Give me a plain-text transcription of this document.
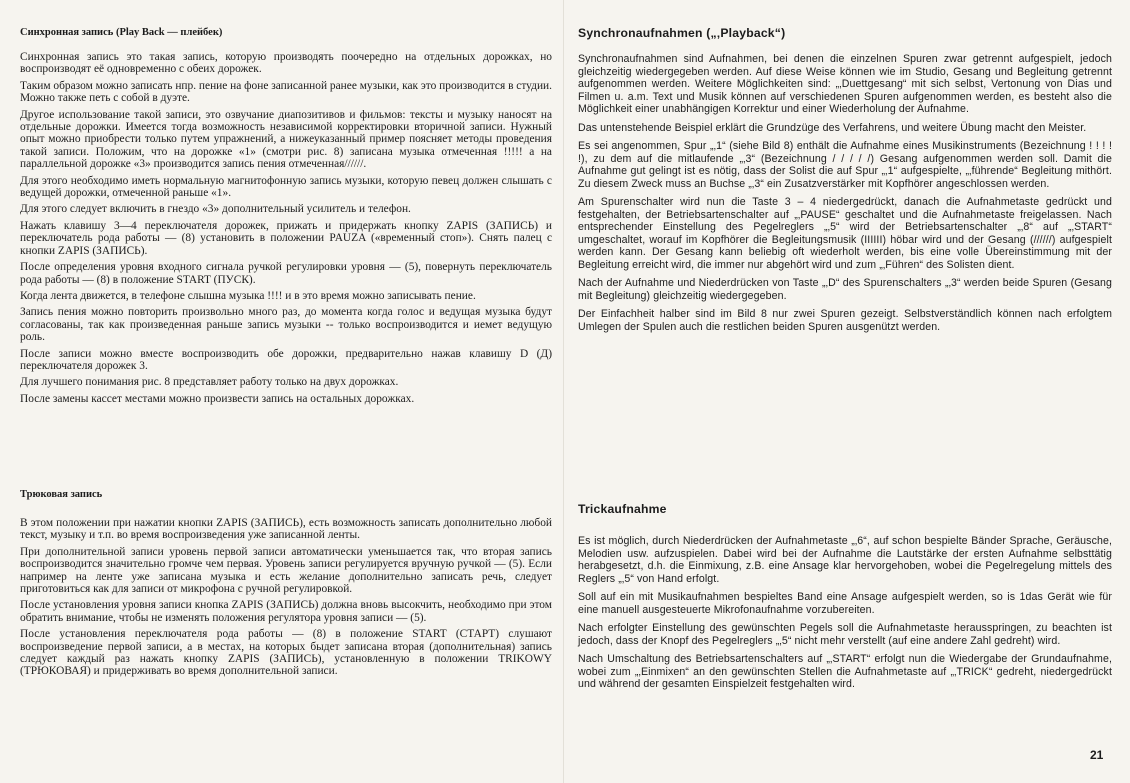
Синхронная запись (Play Back — плейбек)

Синхронная запись это такая запись, которую производять поочередно на отдельных дорожках, но воспроизводят её одновременно с обеих дорожек.

Таким образом можно записать нпр. пение на фоне записанной ранее музыки, как это производится в студии. Можно также петь с собой в дуэте.

Другое использование такой записи, это озвучание диапозитивов и фильмов: тексты и музыку наносят на отдельные дорожки. Имеется тогда возможность независимой корректировки вторичной записи. Нужный опыт можно приобрести только путем упражнений, а нижеуказанный пример поясняет методы проведения такой записи. Положим, что на дорожке «1» (смотри рис. 8) записана музыка отмеченная !!!!! а на параллельной дорожке «3» производится запись пения отмеченная//////.

Для этого необходимо иметь нормальную магнитофонную запись музыки, которую певец должен слышать с ведущей дорожки, отмеченной раньше «1».

Для этого следует включить в гнездо «3» дополнительный усилитель и телефон.

Нажать клавишу 3—4 переключателя дорожек, прижать и придержать кнопку ZAPIS (ЗАПИСЬ) и переключатель рода работы — (8) установить в положении PAUZA («временный стоп»). Снять палец с кнопки ZAPIS (ЗАПИСЬ).

После определения уровня входного сигнала ручкой регулировки уровня — (5), повернуть переключатель рода работы — (8) в положение START (ПУСК).

Когда лента движется, в телефоне слышна музыка !!!! и в это время можно записывать пение.

Запись пения можно повторить произвольно много раз, до момента когда голос и ведущая музыка будут согласованы, так как произведенная раньше запись музыки -- только воспроизводится и иемет ведущую роль.

После записи можно вместе воспроизводить обе дорожки, предварительно нажав клавишу D (Д) переключателя дорожек 3.

Для лучшего понимания рис. 8 представляет работу только на двух дорожках.

После замены кассет местами можно произвести запись на остальных дорожках.

Трюковая запись

В этом положении при нажатии кнопки ZAPIS (ЗАПИСЬ), есть возможность записать дополнительно любой текст, музыку и т.п. во время воспроизведения уже записанной ленты.

При дополнительной записи уровень первой записи автоматически уменьшается так, что вторая запись воспроизводится значительно громче чем первая. Уровень записи регулируется вручную ручкой — (5). Если например на ленте уже записана музыка и есть желание дополнительно записать речь, следует приготовиться как для записи от микрофона с ручной регулировкой.

После установления уровня записи кнопка ZAPIS (ЗАПИСЬ) должна вновь высокчить, необходимо при этом обратить внимание, чтобы не изменять положения регулятора уровня записи — (5).

После установления переключателя рода работы — (8) в положение START (СТАРТ) слушают воспроизведение первой записи, а в местах, на которых быдет записана вторая (дополнительная) запись следует каждый раз нажать кнопку ZAPIS (ЗАПИСЬ), установленную в положении TRIKOWY (ТРЮКОВАЯ) и придерживать во время дополнительной записи.

Synchronaufnahmen („‚Playback“)

Synchronaufnahmen sind Aufnahmen, bei denen die einzelnen Spuren zwar getrennt aufgespielt, jedoch gleichzeitig wiedergegeben werden. Auf diese Weise können wie im Studio, Gesang und Begleitung getrennt aufgenommen werden. Weitere Möglichkeiten sind: „‚Duettgesang“ mit sich selbst, Vertonung von Dias und Filmen u. a.m. Text und Musik können auf verschiedenen Spuren aufgenommen werden, es besteht also die Möglichkeit einer unabhängigen Korrektur und einer Wiederholung der Aufnahme.

Das untenstehende Beispiel erklärt die Grundzüge des Verfahrens, und weitere Übung macht den Meister.

Es sei angenommen, Spur „‚1“ (siehe Bild 8) enthält die Aufnahme eines Musikinstruments (Bezeichnung ! ! ! ! !), zu dem auf die mitlaufende „‚3“ (Bezeichnung / / / / /) Gesang aufgenommen werden soll. Damit die Aufnahme gut gelingt ist es nötig, dass der Solist die auf Spur „‚1“ aufgespielte, „‚führende“ Begleitung mithört. Zu diesem Zweck muss an Buchse „‚3“ ein Zusatzverstärker mit Kopfhörer angeschlossen werden.

Am Spurenschalter wird nun die Taste 3 – 4 niedergedrückt, danach die Aufnahmetaste gedrückt und festgehalten, der Betriebsartenschalter auf „‚PAUSE“ geschaltet und die Aufnahmetaste freigelassen. Nach entsprechender Einstellung des Pegelreglers „‚5“ wird der Betriebsartenschalter „‚8“ auf „‚START“ umgeschaltet, worauf im Kopfhörer die Begleitungsmusik (IIIIII) höbar wird und der Gesang (//////) aufgespielt werden kann. Der Gesang kann beliebig oft wiederholt werden, bis eine volle Übereinstimmung mit der Begleitung erreicht wird, die immer nur abgehört wird und zum „‚Führen“ des Solisten dient.

Nach der Aufnahme und Niederdrücken von Taste „‚D“ des Spurenschalters „‚3“ werden beide Spuren (Gesang mit Begleitung) gleichzeitig wiedergegeben.

Der Einfachheit halber sind im Bild 8 nur zwei Spuren gezeigt. Selbstverständlich können nach erfolgtem Umlegen der Spulen auch die restlichen beiden Spuren ausgenützt werden.

Trickaufnahme

Es ist möglich, durch Niederdrücken der Aufnahmetaste „‚6“, auf schon bespielte Bänder Sprache, Geräusche, Melodien usw. aufzuspielen. Dabei wird bei der Aufnahme die Lautstärke der ersten Aufnahme selbsttätig herabgesetzt, d.h. die Einmixung, z.B. eine Ansage klar hervorgehoben, wobei die Pegelregelung mittels des Reglers „‚5“ von Hand erfolgt.

Soll auf ein mit Musikaufnahmen bespieltes Band eine Ansage aufgespielt werden, so is 1das Gerät wie für eine manuell ausgesteuerte Mikrofonaufnahme vorzubereiten.

Nach erfolgter Einstellung des gewünschten Pegels soll die Aufnahmetaste herausspringen, zu beachten ist jedoch, dass der Knopf des Pegelreglers „‚5“ nicht mehr verstellt (auf eine andere Zahl gedreht) wird.

Nach Umschaltung des Betriebsartenschalters auf „‚START“ erfolgt nun die Wiedergabe der Grundaufnahme, wobei zum „‚Einmixen“ an den gewünschten Stellen die Aufnahmetaste auf „‚TRICK“ gedreht, niedergedrückt und während der gesamten Einspielzeit festgehalten wird.

21
